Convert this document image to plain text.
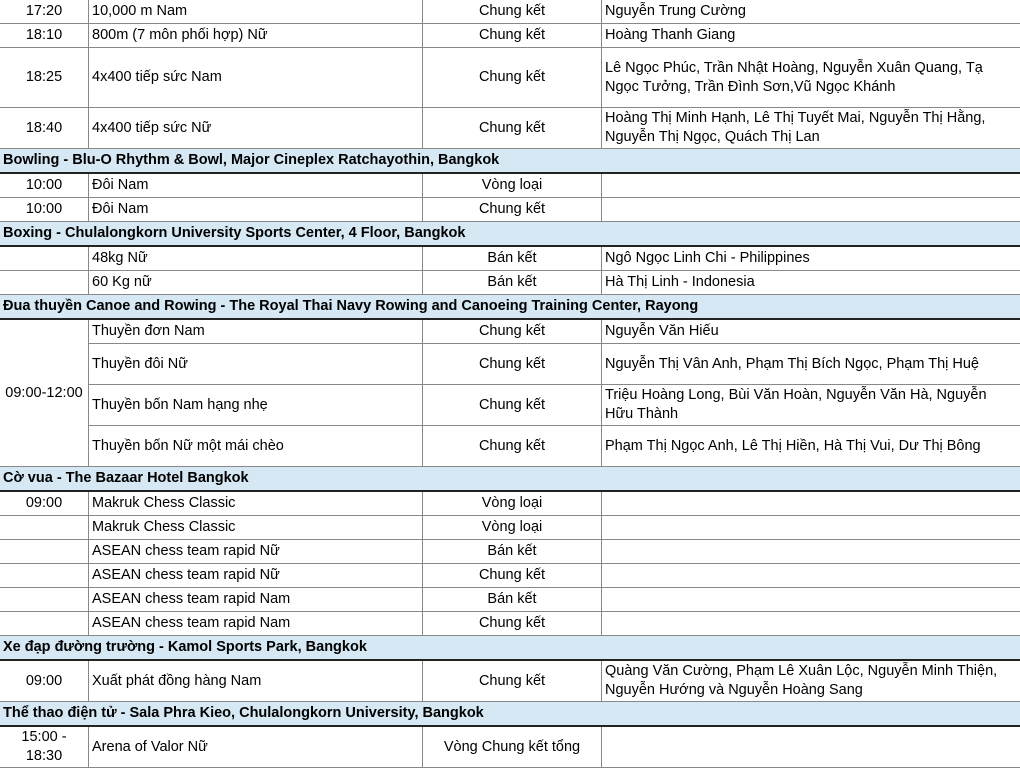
17:20	10,000 m Nam	Chung kết	Nguyễn Trung Cường
18:10	800m (7 môn phối hợp) Nữ	Chung kết	Hoàng Thanh Giang
18:25	4x400 tiếp sức Nam	Chung kết	Lê Ngọc Phúc, Trần Nhật Hoàng, Nguyễn Xuân Quang, Tạ Ngọc Tưởng, Trần Đình Sơn,Vũ Ngọc Khánh
18:40	4x400 tiếp sức Nữ	Chung kết	Hoàng Thị Minh Hạnh, Lê Thị Tuyết Mai, Nguyễn Thị Hằng, Nguyễn Thị Ngọc, Quách Thị Lan
Bowling - Blu-O Rhythm & Bowl, Major Cineplex Ratchayothin, Bangkok			
10:00	Đôi Nam	Vòng loại	
10:00	Đôi Nam	Chung kết	
Boxing - Chulalongkorn University Sports Center, 4 Floor, Bangkok			
	48kg Nữ	Bán kết	Ngô Ngọc Linh Chi - Philippines
	60 Kg nữ	Bán kết	Hà Thị Linh - Indonesia
Đua thuyền Canoe and Rowing - The Royal Thai Navy Rowing and Canoeing Training Center, Rayong			
09:00-12:00	Thuyền đơn Nam	Chung kết	Nguyễn Văn Hiếu
	Thuyền đôi Nữ	Chung kết	Nguyễn Thị Vân Anh, Phạm Thị Bích Ngọc, Phạm Thị Huệ
	Thuyền bốn Nam hạng nhẹ	Chung kết	Triệu Hoàng Long, Bùi Văn Hoàn, Nguyễn Văn Hà, Nguyễn Hữu Thành
	Thuyền bốn Nữ một mái chèo	Chung kết	Phạm Thị Ngọc Anh, Lê Thị Hiền, Hà Thị Vui, Dư Thị Bông
Cờ vua - The Bazaar Hotel Bangkok			
09:00	Makruk Chess Classic	Vòng loại	
	Makruk Chess Classic	Vòng loại	
	ASEAN chess team rapid Nữ	Bán kết	
	ASEAN chess team rapid Nữ	Chung kết	
	ASEAN chess team rapid Nam	Bán kết	
	ASEAN chess team rapid Nam	Chung kết	
Xe đạp đường trường - Kamol Sports Park, Bangkok			
09:00	Xuất phát đồng hàng Nam	Chung kết	Quàng Văn Cường, Phạm Lê Xuân Lộc, Nguyễn Minh Thiện, Nguyễn Hướng và Nguyễn Hoàng Sang
Thể thao điện tử - Sala Phra Kieo, Chulalongkorn University, Bangkok			
15:00 - 18:30	Arena of Valor Nữ	Vòng Chung kết tổng	
